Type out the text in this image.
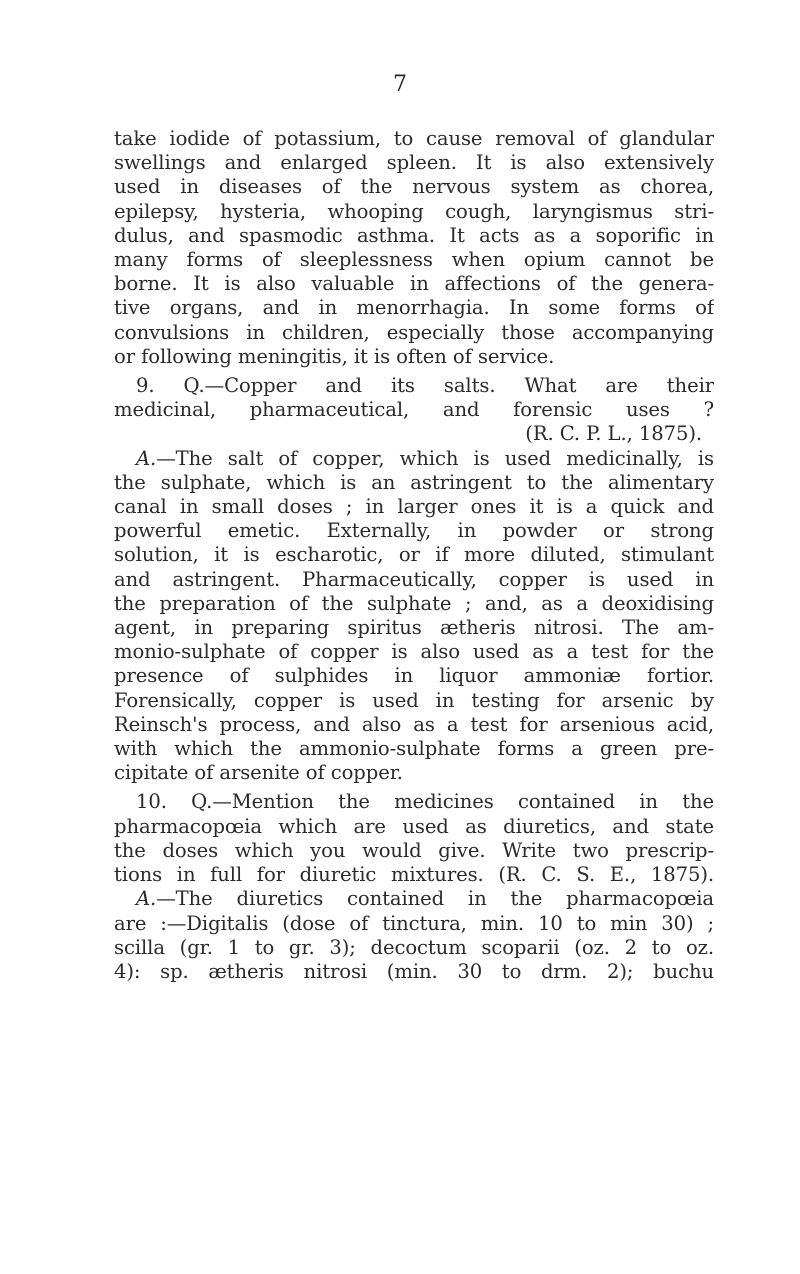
7
take iodide of potassium, to cause removal of glandular
swellings and enlarged spleen. It is also extensively
used in diseases of the nervous system as chorea,
epilepsy, hysteria, whooping cough, laryngismus stri-
dulus, and spasmodic asthma. It acts as a soporific in
many forms of sleeplessness when opium cannot be
borne. It is also valuable in affections of the genera-
tive organs, and in menorrhagia. In some forms of
convulsions in children, especially those accompanying
or following meningitis, it is often of service.
9. Q.—Copper and its salts. What are their
medicinal, pharmaceutical, and forensic uses ?
(R. C. P. L., 1875).
A.—The salt of copper, which is used medicinally, is
the sulphate, which is an astringent to the alimentary
canal in small doses ; in larger ones it is a quick and
powerful emetic. Externally, in powder or strong
solution, it is escharotic, or if more diluted, stimulant
and astringent. Pharmaceutically, copper is used in
the preparation of the sulphate ; and, as a deoxidising
agent, in preparing spiritus ætheris nitrosi. The am-
monio-sulphate of copper is also used as a test for the
presence of sulphides in liquor ammoniæ fortior.
Forensically, copper is used in testing for arsenic by
Reinsch's process, and also as a test for arsenious acid,
with which the ammonio-sulphate forms a green pre-
cipitate of arsenite of copper.
10. Q.—Mention the medicines contained in the
pharmacopœia which are used as diuretics, and state
the doses which you would give. Write two prescrip-
tions in full for diuretic mixtures. (R. C. S. E., 1875).
A.—The diuretics contained in the pharmacopœia
are :—Digitalis (dose of tinctura, min. 10 to min 30) ;
scilla (gr. 1 to gr. 3); decoctum scoparii (oz. 2 to oz.
4): sp. ætheris nitrosi (min. 30 to drm. 2); buchu
